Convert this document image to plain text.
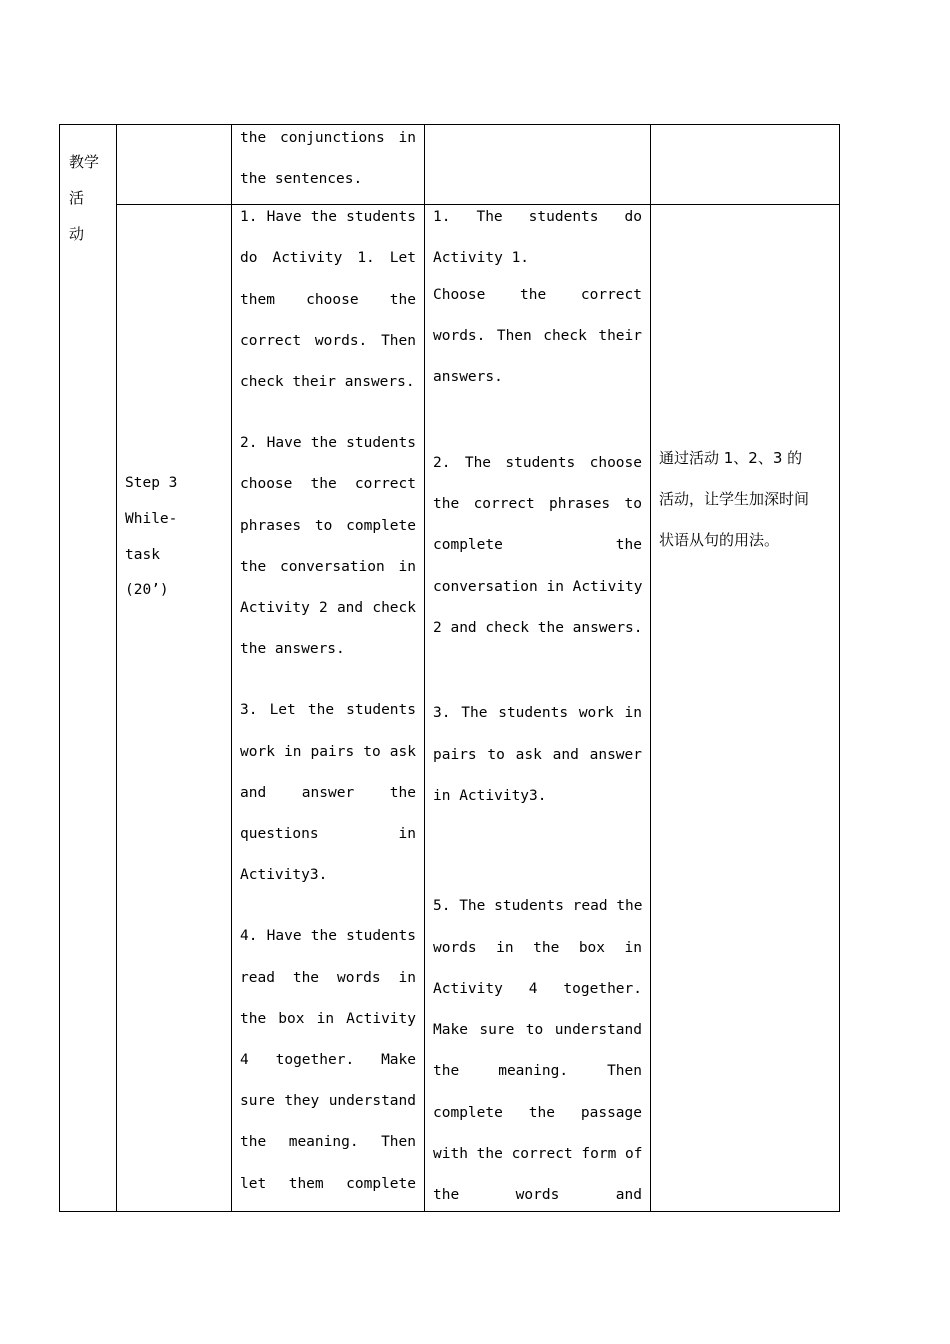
教学
活
动
the conjunctions in
the sentences.
Step 3
While-
task
(20’)
1. Have the students
do Activity 1. Let
them choose the
correct words. Then
check their answers.
2. Have the students
choose the correct
phrases to complete
the conversation in
Activity 2 and check
the answers.
3. Let the students
work in pairs to ask
and answer the
questions in
Activity3.
4. Have the students
read the words in
the box in Activity
4 together. Make
sure they understand
the meaning. Then
let them complete
1. The students do
Activity 1.
Choose the correct
words. Then check their
answers.
2. The students choose
the correct phrases to
complete the
conversation in Activity
2 and check the answers.
3. The students work in
pairs to ask and answer
in Activity3.
5. The students read the
words in the box in
Activity 4 together.
Make sure to understand
the meaning. Then
complete the passage
with the correct form of
the words and
通过活动 1、2、3 的
活动，让学生加深时间
状语从句的用法。
